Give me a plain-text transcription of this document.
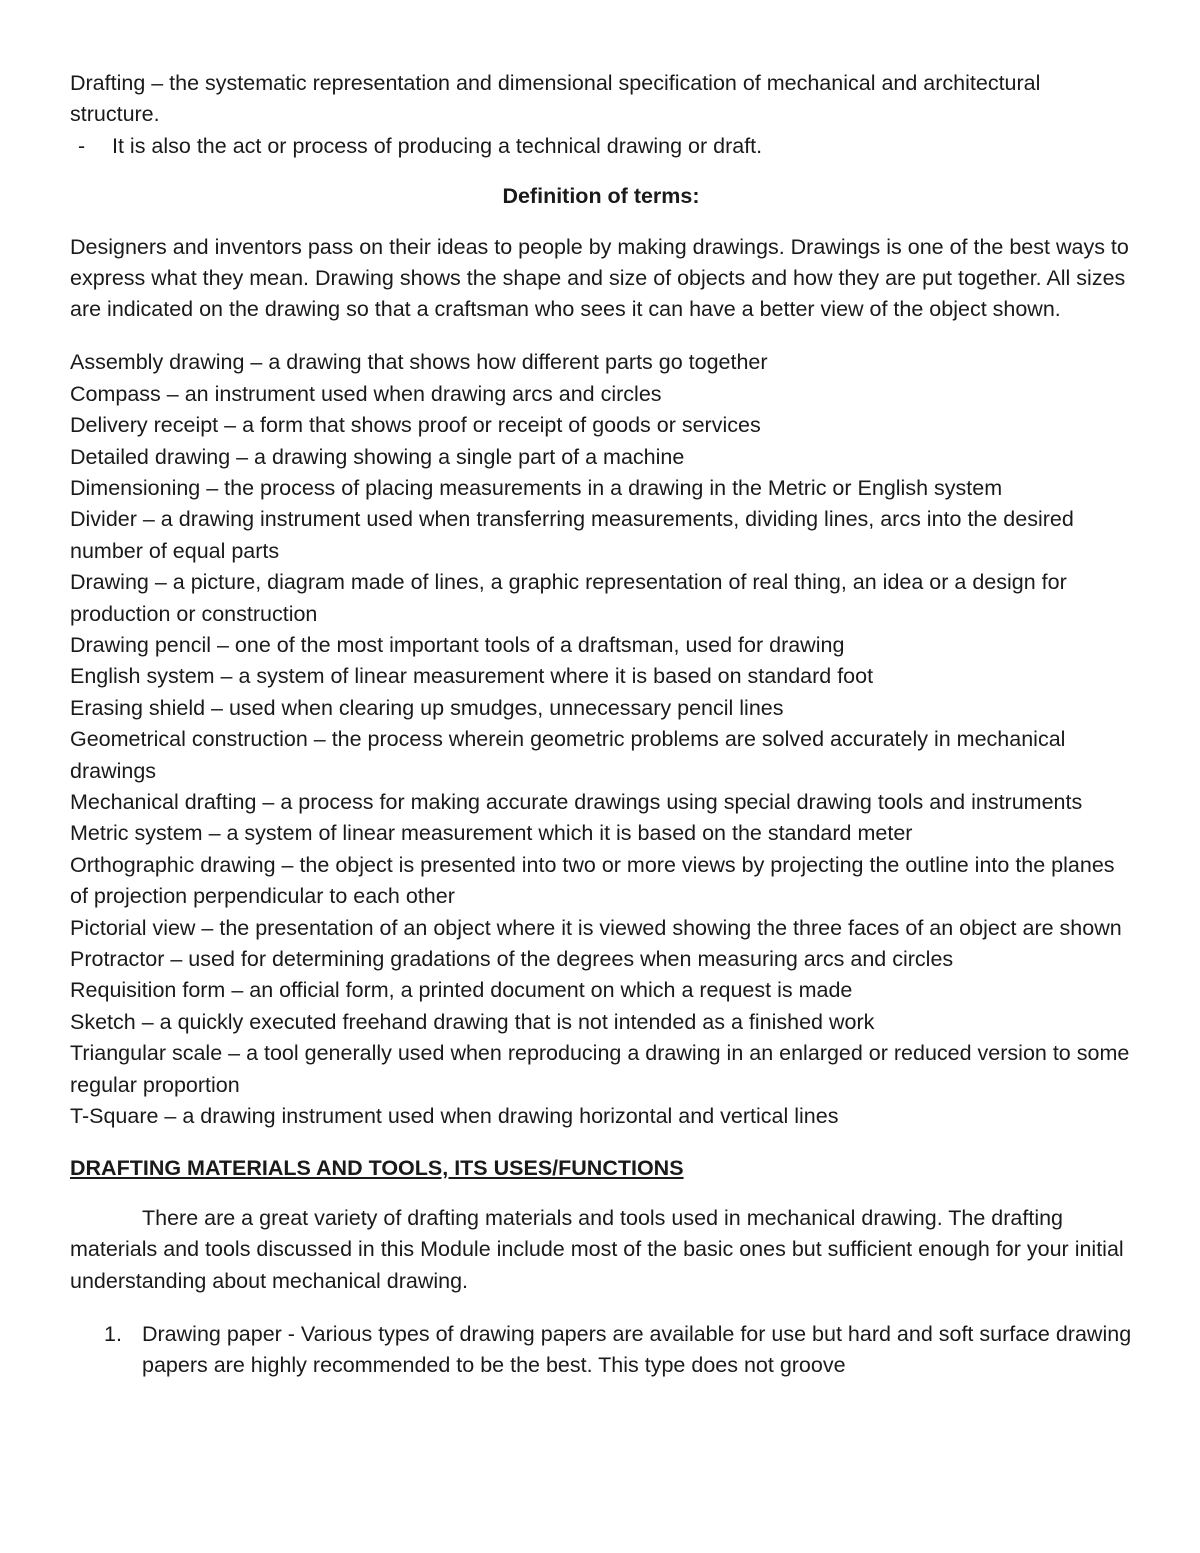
Drafting – the systematic representation and dimensional specification of mechanical and architectural structure.

- It is also the act or process of producing a technical drawing or draft.
Definition of terms:

Designers and inventors pass on their ideas to people by making drawings. Drawings is one of the best ways to express what they mean. Drawing shows the shape and size of objects and how they are put together. All sizes are indicated on the drawing so that a craftsman who sees it can have a better view of the object shown.

Assembly drawing – a drawing that shows how different parts go together
Compass – an instrument used when drawing arcs and circles
Delivery receipt – a form that shows proof or receipt of goods or services
Detailed drawing – a drawing showing a single part of a machine
Dimensioning – the process of placing measurements in a drawing in the Metric or English system
Divider – a drawing instrument used when transferring measurements, dividing lines, arcs into the desired number of equal parts
Drawing – a picture, diagram made of lines, a graphic representation of real thing, an idea or a design for production or construction
Drawing pencil – one of the most important tools of a draftsman, used for drawing
English system – a system of linear measurement where it is based on standard foot
Erasing shield – used when clearing up smudges, unnecessary pencil lines
Geometrical construction – the process wherein geometric problems are solved accurately in mechanical drawings
Mechanical drafting – a process for making accurate drawings using special drawing tools and instruments
Metric system – a system of linear measurement which it is based on the standard meter
Orthographic drawing – the object is presented into two or more views by projecting the outline into the planes of projection perpendicular to each other
Pictorial view – the presentation of an object where it is viewed showing the three faces of an object are shown
Protractor – used for determining gradations of the degrees when measuring arcs and circles
Requisition form – an official form, a printed document on which a request is made
Sketch – a quickly executed freehand drawing that is not intended as a finished work
Triangular scale – a tool generally used when reproducing a drawing in an enlarged or reduced version to some regular proportion
T-Square – a drawing instrument used when drawing horizontal and vertical lines
DRAFTING MATERIALS AND TOOLS, ITS USES/FUNCTIONS

There are a great variety of drafting materials and tools used in mechanical drawing. The drafting materials and tools discussed in this Module include most of the basic ones but sufficient enough for your initial understanding about mechanical drawing.

1. Drawing paper - Various types of drawing papers are available for use but hard and soft surface drawing papers are highly recommended to be the best. This type does not groove
